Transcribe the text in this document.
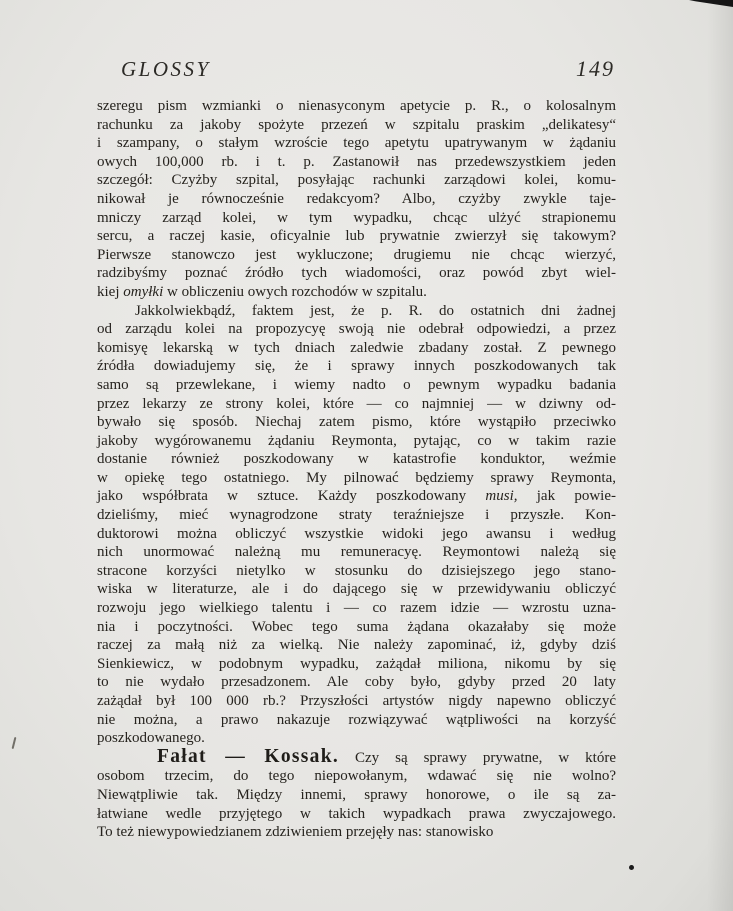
GLOSSY	149

szeregu pism wzmianki o nienasyconym apetycie p. R., o kolosalnym
rachunku za jakoby spożyte przezeń w szpitalu praskim „delikatesy“
i szampany, o stałym wzroście tego apetytu upatrywanym w żądaniu
owych 100,000 rb. i t. p. Zastanowił nas przedewszystkiem jeden
szczegół: Czyżby szpital, posyłając rachunki zarządowi kolei, komu-
nikował je równocześnie redakcyom? Albo, czyżby zwykle taje-
mniczy zarząd kolei, w tym wypadku, chcąc ulżyć strapionemu
sercu, a raczej kasie, oficyalnie lub prywatnie zwierzył się takowym?
Pierwsze stanowczo jest wykluczone; drugiemu nie chcąc wierzyć,
radzibyśmy poznać źródło tych wiadomości, oraz powód zbyt wiel-
kiej omyłki w obliczeniu owych rozchodów w szpitalu.

Jakkolwiekbądź, faktem jest, że p. R. do ostatnich dni żadnej
od zarządu kolei na propozycyę swoją nie odebrał odpowiedzi, a przez
komisyę lekarską w tych dniach zaledwie zbadany został. Z pewnego
źródła dowiadujemy się, że i sprawy innych poszkodowanych tak
samo są przewlekane, i wiemy nadto o pewnym wypadku badania
przez lekarzy ze strony kolei, które — co najmniej — w dziwny od-
bywało się sposób. Niechaj zatem pismo, które wystąpiło przeciwko
jakoby wygórowanemu żądaniu Reymonta, pytając, co w takim razie
dostanie również poszkodowany w katastrofie konduktor, weźmie
w opiekę tego ostatniego. My pilnować będziemy sprawy Reymonta,
jako współbrata w sztuce. Każdy poszkodowany musi, jak powie-
dzieliśmy, mieć wynagrodzone straty teraźniejsze i przyszłe. Kon-
duktorowi można obliczyć wszystkie widoki jego awansu i według
nich unormować należną mu remuneracyę. Reymontowi należą się
stracone korzyści nietylko w stosunku do dzisiejszego jego stano-
wiska w literaturze, ale i do dającego się w przewidywaniu obliczyć
rozwoju jego wielkiego talentu i — co razem idzie — wzrostu uzna-
nia i poczytności. Wobec tego suma żądana okazałaby się może
raczej za małą niż za wielką. Nie należy zapominać, iż, gdyby dziś
Sienkiewicz, w podobnym wypadku, zażądał miliona, nikomu by się
to nie wydało przesadzonem. Ale coby było, gdyby przed 20 laty
zażądał był 100 000 rb.? Przyszłości artystów nigdy napewno obliczyć
nie można, a prawo nakazuje rozwiązywać wątpliwości na korzyść
poszkodowanego.

Fałat — Kossak. Czy są sprawy prywatne, w które
osobom trzecim, do tego niepowołanym, wdawać się nie wolno?
Niewątpliwie tak. Między innemi, sprawy honorowe, o ile są za-
łatwiane wedle przyjętego w takich wypadkach prawa zwyczajowego.
To też niewypowiedzianem zdziwieniem przejęły nas: stanowisko
